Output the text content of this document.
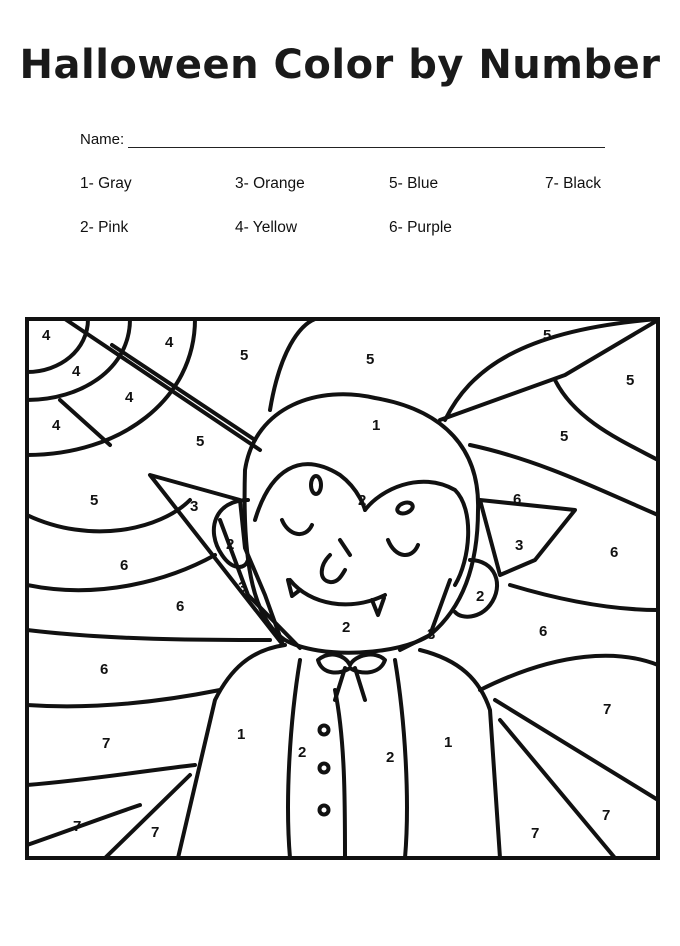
Halloween Color by Number
Name:
1- Gray
2- Pink
3- Orange
4- Yellow
5- Blue
6- Purple
7- Black
4
4
4
4
4
5
5
5
5
5
5
5
1
2
2
2
2
3
3
3
3
6
6
6
6
6
6
1	1
2	2
7
7	7
7
7
7
